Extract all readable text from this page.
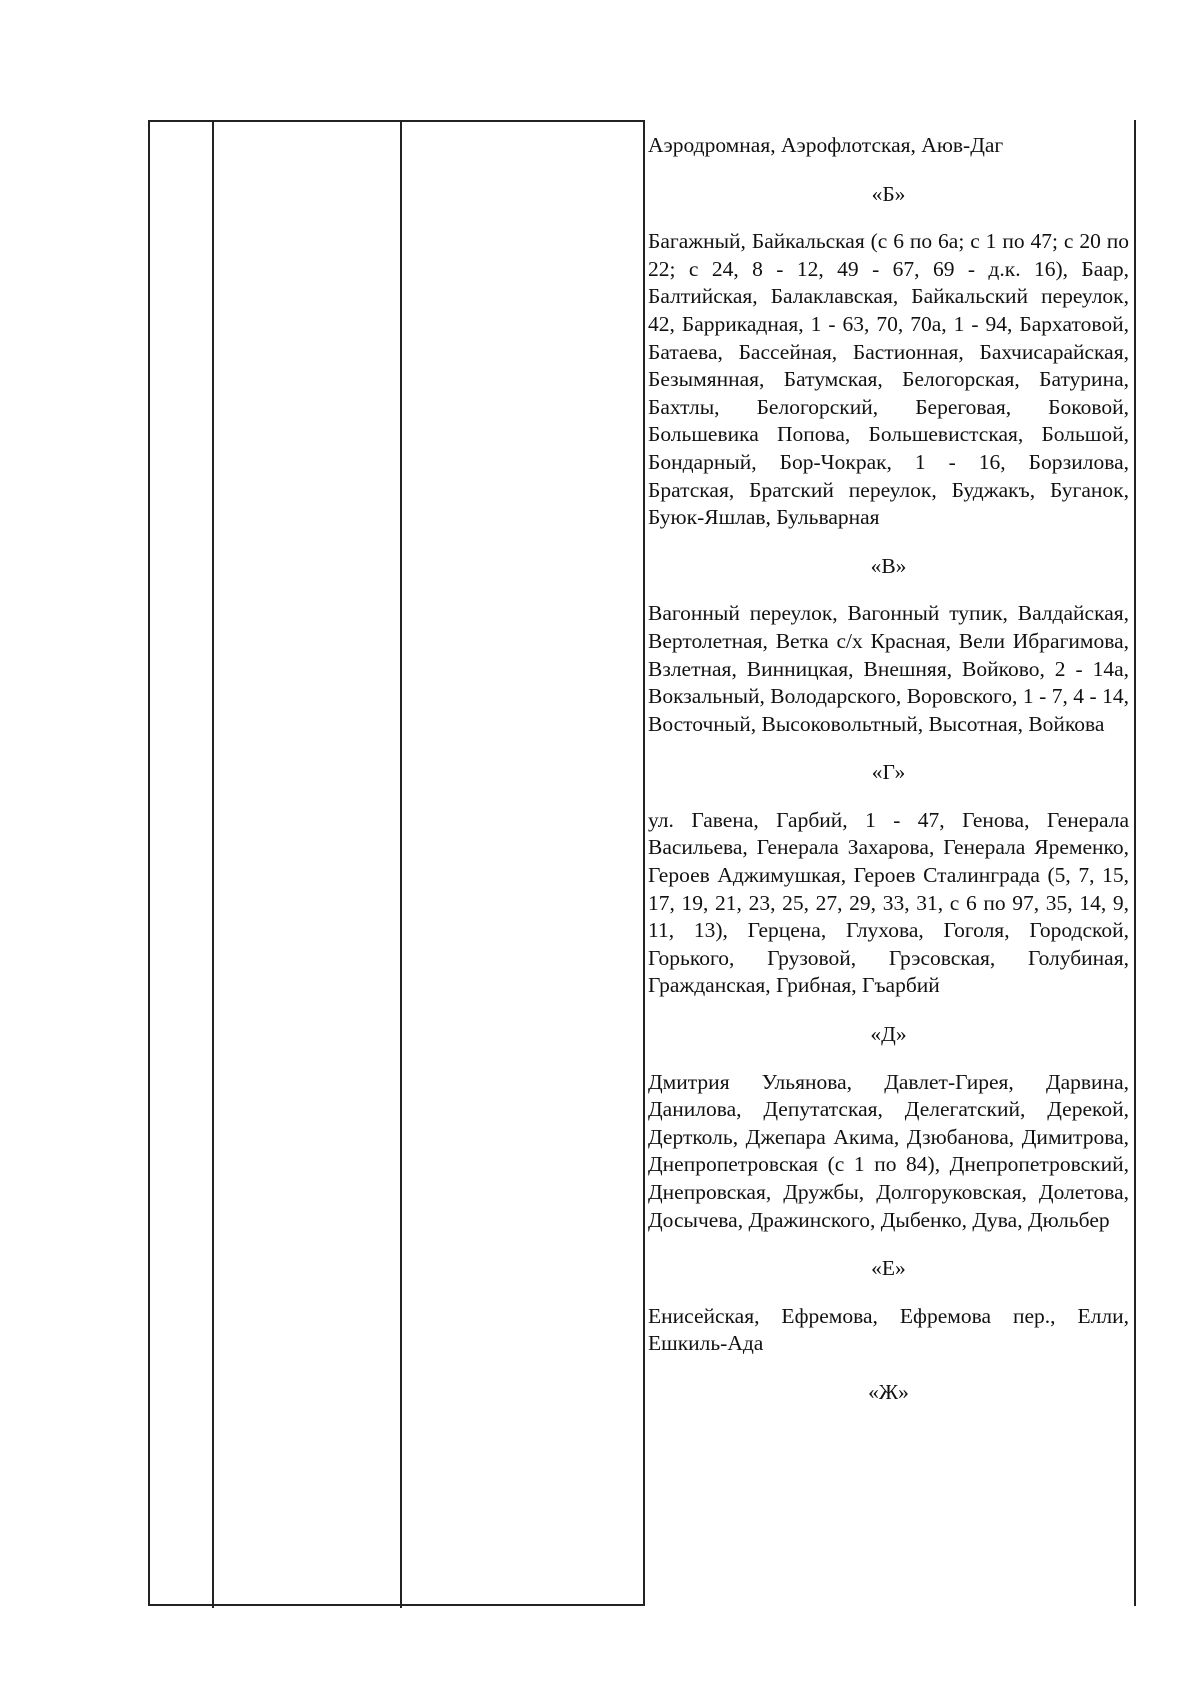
Аэродромная, Аэрофлотская, Аюв-Даг
«Б»

Багажный, Байкальская (с 6 по 6а; с 1 по 47; с 20 по 22; с 24, 8 - 12, 49 - 67, 69 - д.к. 16), Баар, Балтийская, Балаклавская, Байкальский переулок, 42, Баррикадная, 1 - 63, 70, 70а, 1 - 94, Бархатовой, Батаева, Бассейная, Бастионная, Бахчисарайская, Безымянная, Батумская, Белогорская, Батурина, Бахтлы, Белогорский, Береговая, Боковой, Большевика Попова, Большевистская, Большой, Бондарный, Бор-Чокрак, 1 - 16, Борзилова, Братская, Братский переулок, Буджакъ, Буганок, Буюк-Яшлав, Бульварная

«В»

Вагонный переулок, Вагонный тупик, Валдайская, Вертолетная, Ветка с/х Красная, Вели Ибрагимова, Взлетная, Винницкая, Внешняя, Войково, 2 - 14а, Вокзальный, Володарского, Воровского, 1 - 7, 4 - 14, Восточный, Высоковольтный, Высотная, Войкова

«Г»

ул. Гавена, Гарбий, 1 - 47, Генова, Генерала Васильева, Генерала Захарова, Генерала Яременко, Героев Аджимушкая, Героев Сталинграда (5, 7, 15, 17, 19, 21, 23, 25, 27, 29, 33, 31, с 6 по 97, 35, 14, 9, 11, 13), Герцена, Глухова, Гоголя, Городской, Горького, Грузовой, Грэсовская, Голубиная, Гражданская, Грибная, Гъарбий

«Д»

Дмитрия Ульянова, Давлет-Гирея, Дарвина, Данилова, Депутатская, Делегатский, Дерекой, Дертколь, Джепара Акима, Дзюбанова, Димитрова, Днепропетровская (с 1 по 84), Днепропетровский, Днепровская, Дружбы, Долгоруковская, Долетова, Досычева, Дражинского, Дыбенко, Дува, Дюльбер

«Е»

Енисейская, Ефремова, Ефремова пер., Елли, Ешкиль-Ада

«Ж»
